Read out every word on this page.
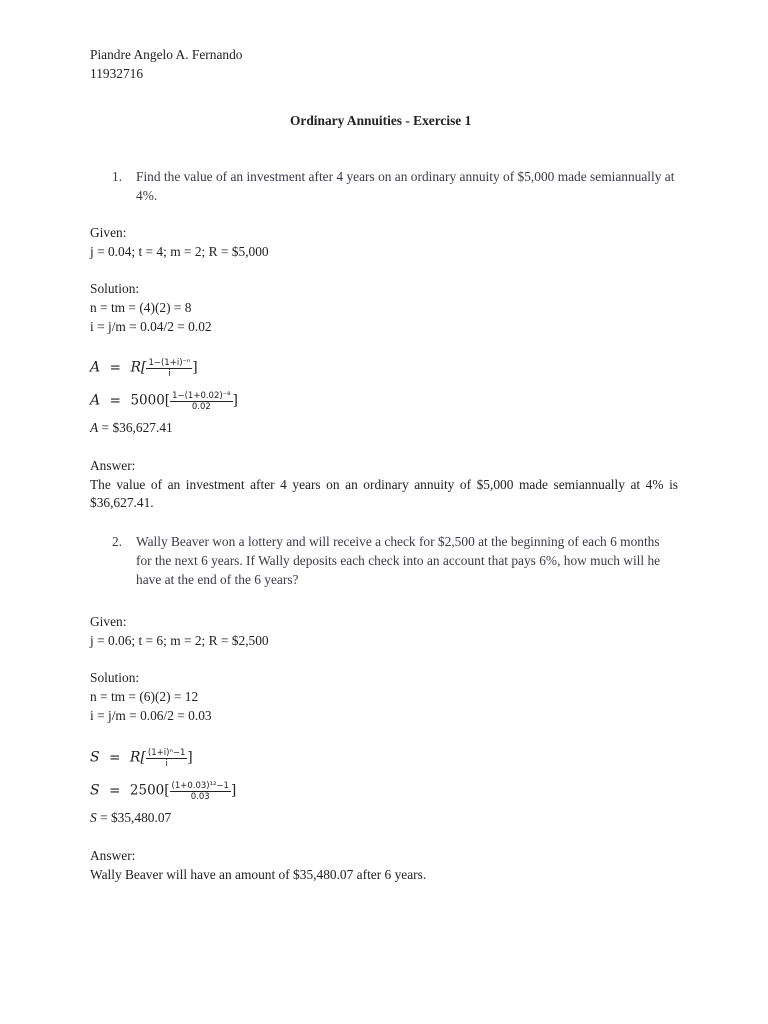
Piandre Angelo A. Fernando
11932716
Ordinary Annuities - Exercise 1
1. Find the value of an investment after 4 years on an ordinary annuity of $5,000 made semiannually at 4%.
Given:
j = 0.04; t = 4; m = 2; R = $5,000
Solution:
n = tm = (4)(2) = 8
i = j/m = 0.04/2 = 0.02
$A = R[ \frac{\text{1−(1+i)⁻ⁿ}}{i}$ ]
$A = 5000[ \frac{\text{1−(1+0.02)⁻⁸}}{0.02}$ ]
A = $36,627.41
Answer:
The value of an investment after 4 years on an ordinary annuity of $5,000 made semiannually at 4% is $36,627.41.
2. Wally Beaver won a lottery and will receive a check for $2,500 at the beginning of each 6 months for the next 6 years. If Wally deposits each check into an account that pays 6%, how much will he have at the end of the 6 years?
Given:
j = 0.06; t = 6; m = 2; R = $2,500
Solution:
n = tm = (6)(2) = 12
i = j/m = 0.06/2 = 0.03
$S = R[ \frac{\text{(1+i)ⁿ−1}}{i}$ ]
$S = 2500[ \frac{\text{(1+0.03)¹²−1}}{0.03}$ ]
S = $35,480.07
Answer:
Wally Beaver will have an amount of $35,480.07 after 6 years.
